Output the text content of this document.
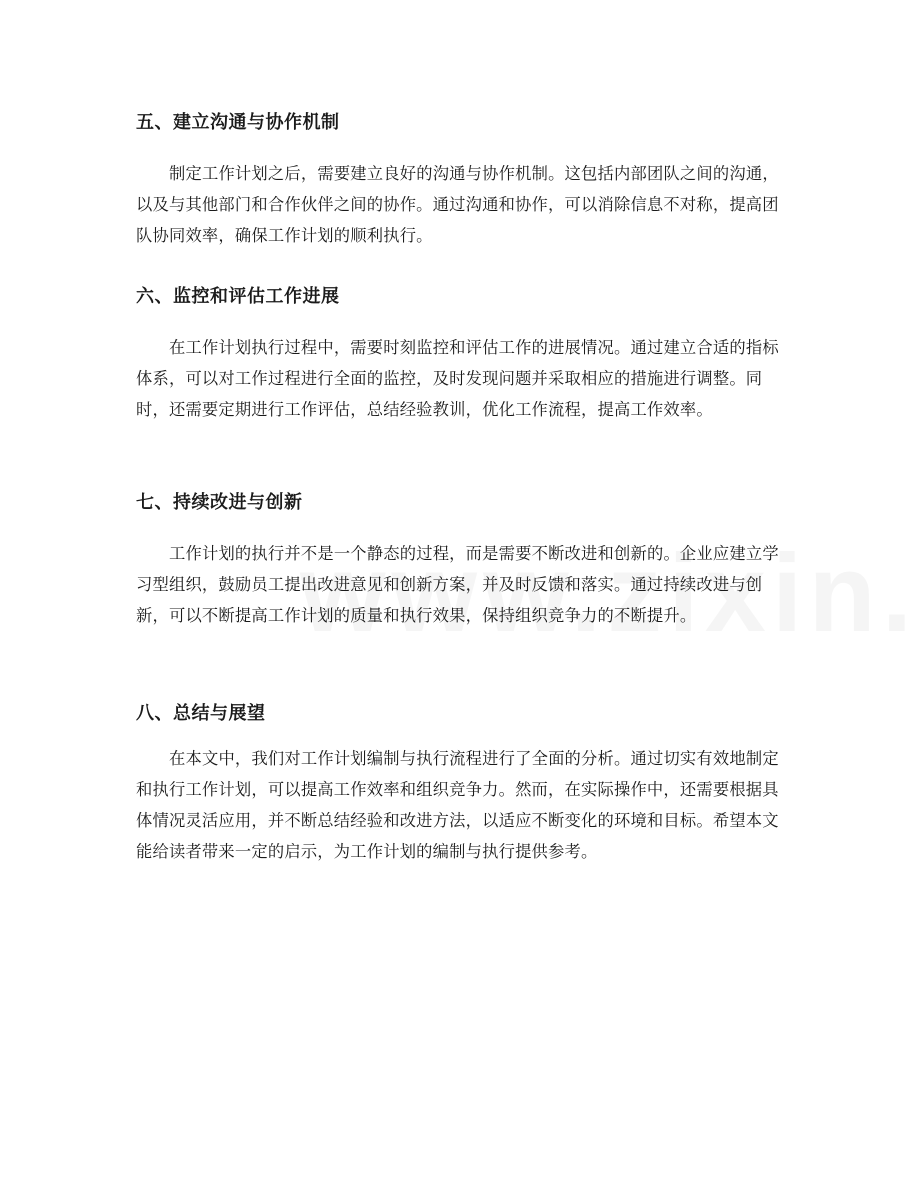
五、建立沟通与协作机制

制定工作计划之后，需要建立良好的沟通与协作机制。这包括内部团队之间的沟通，以及与其他部门和合作伙伴之间的协作。通过沟通和协作，可以消除信息不对称，提高团队协同效率，确保工作计划的顺利执行。

六、监控和评估工作进展

在工作计划执行过程中，需要时刻监控和评估工作的进展情况。通过建立合适的指标体系，可以对工作过程进行全面的监控，及时发现问题并采取相应的措施进行调整。同时，还需要定期进行工作评估，总结经验教训，优化工作流程，提高工作效率。

七、持续改进与创新

工作计划的执行并不是一个静态的过程，而是需要不断改进和创新的。企业应建立学习型组织，鼓励员工提出改进意见和创新方案，并及时反馈和落实。通过持续改进与创新，可以不断提高工作计划的质量和执行效果，保持组织竞争力的不断提升。

八、总结与展望

在本文中，我们对工作计划编制与执行流程进行了全面的分析。通过切实有效地制定和执行工作计划，可以提高工作效率和组织竞争力。然而，在实际操作中，还需要根据具体情况灵活应用，并不断总结经验和改进方法，以适应不断变化的环境和目标。希望本文能给读者带来一定的启示，为工作计划的编制与执行提供参考。
